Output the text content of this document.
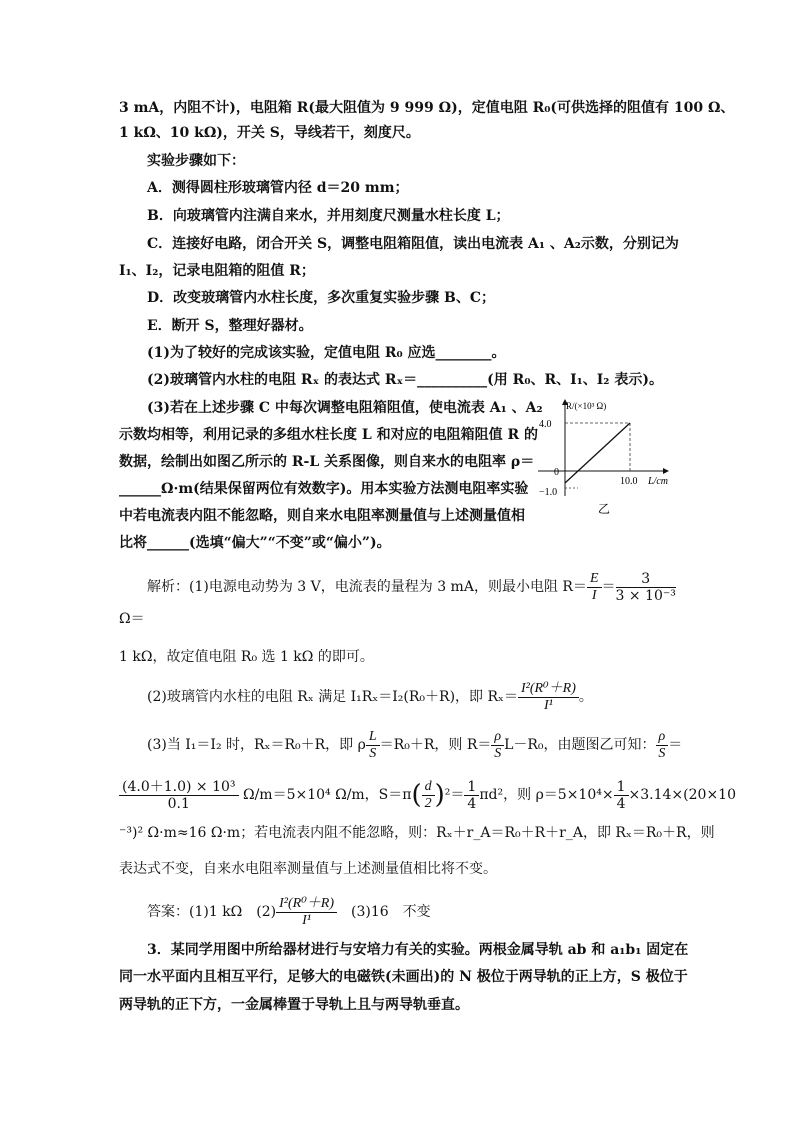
3 mA，内阻不计)，电阻箱 R(最大阻值为 9 999 Ω)，定值电阻 R₀(可供选择的阻值有 100 Ω、
1 kΩ、10 kΩ)，开关 S，导线若干，刻度尺。
实验步骤如下：
A．测得圆柱形玻璃管内径 d＝20 mm；
B．向玻璃管内注满自来水，并用刻度尺测量水柱长度 L；
C．连接好电路，闭合开关 S，调整电阻箱阻值，读出电流表 A₁ 、A₂示数，分别记为
I₁、I₂，记录电阻箱的阻值 R；
D．改变玻璃管内水柱长度，多次重复实验步骤 B、C；
E．断开 S，整理好器材。
(1)为了较好的完成该实验，定值电阻 R₀ 应选________。
(2)玻璃管内水柱的电阻 Rₓ 的表达式 Rₓ＝__________(用 R₀、R、I₁、I₂ 表示)。
(3)若在上述步骤 C 中每次调整电阻箱阻值，使电流表 A₁ 、A₂
示数均相等，利用记录的多组水柱长度 L 和对应的电阻箱阻值 R 的
数据，绘制出如图乙所示的 R-L 关系图像，则自来水的电阻率 ρ＝
______Ω·m(结果保留两位有效数字)。用本实验方法测电阻率实验
中若电流表内阻不能忽略，则自来水电阻率测量值与上述测量值相
比将______(选填“偏大”“不变”或“偏小”)。
R/(×10³ Ω)
4.0
0
−1.0
10.0 L/cm
乙
解析：(1)电源电动势为 3 V，电流表的量程为 3 mA，则最小电阻 $R= \frac{E}{I} = \frac{3}{\text{3 × 10⁻³}}$
Ω＝
1 kΩ，故定值电阻 R₀ 选 1 kΩ 的即可。
(2)玻璃管内水柱的电阻 Rₓ 满足 I₁Rₓ＝I₂(R₀＋R)，即 $R_x= \frac{\text{I²(R⁰＋R)}}{\text{I¹}}$ 。
(3)当 I₁＝I₂ 时，Rₓ＝R₀＋R，即 ρ $\frac{L}{S} =R_0+R$，则 $R= \frac{\rho}{S} L-R_0$，由题图乙可知： $\frac{\rho}{S}$ ＝
$\frac{\text{(4.0＋1.0) × 10³}}{0.1} \Omega/m=5\times 10^4$ Ω/m，$S=\pi( \frac{d}{2} )^2= \frac{1}{4} \pi d^2$，则 $\rho=5\times 10^4\times \frac{1}{4} \times 3.14\times(20\times 10$
⁻³)² Ω·m≈16 Ω·m；若电流表内阻不能忽略，则：Rₓ＋r_A＝R₀＋R＋r_A，即 Rₓ＝R₀＋R，则
表达式不变，自来水电阻率测量值与上述测量值相比将不变。
答案：(1)1 kΩ　$(2) \frac{\text{I²(R⁰＋R)}}{\text{I¹}}$ 　(3)16　不变
3．某同学用图中所给器材进行与安培力有关的实验。两根金属导轨 ab 和 a₁b₁ 固定在
同一水平面内且相互平行，足够大的电磁铁(未画出)的 N 极位于两导轨的正上方，S 极位于
两导轨的正下方，一金属棒置于导轨上且与两导轨垂直。
